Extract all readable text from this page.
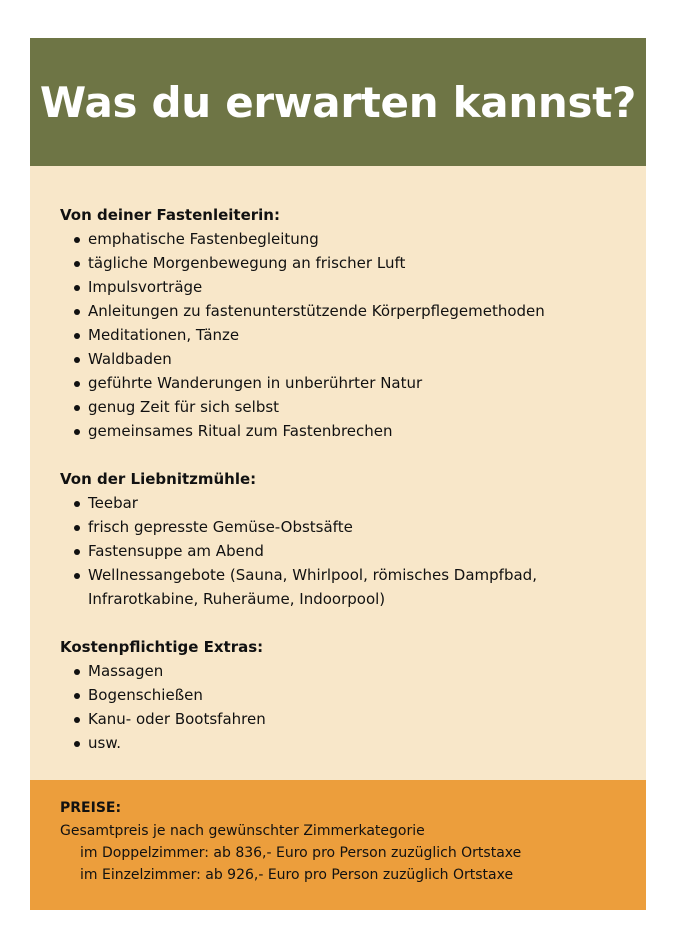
Was du erwarten kannst?
Von deiner Fastenleiterin:
emphatische Fastenbegleitung
tägliche Morgenbewegung an frischer Luft
Impulsvorträge
Anleitungen zu fastenunterstützende Körperpflegemethoden
Meditationen, Tänze
Waldbaden
geführte Wanderungen in unberührter Natur
genug Zeit für sich selbst
gemeinsames Ritual zum Fastenbrechen
Von der Liebnitzmühle:
Teebar
frisch gepresste Gemüse-Obstsäfte
Fastensuppe am Abend
Wellnessangebote (Sauna, Whirlpool, römisches Dampfbad,
Infrarotkabine, Ruheräume, Indoorpool)
Kostenpflichtige Extras:
Massagen
Bogenschießen
Kanu- oder Bootsfahren
usw.
PREISE:
Gesamtpreis je nach gewünschter Zimmerkategorie
im Doppelzimmer: ab 836,- Euro pro Person zuzüglich Ortstaxe
im Einzelzimmer: ab 926,- Euro pro Person zuzüglich Ortstaxe
